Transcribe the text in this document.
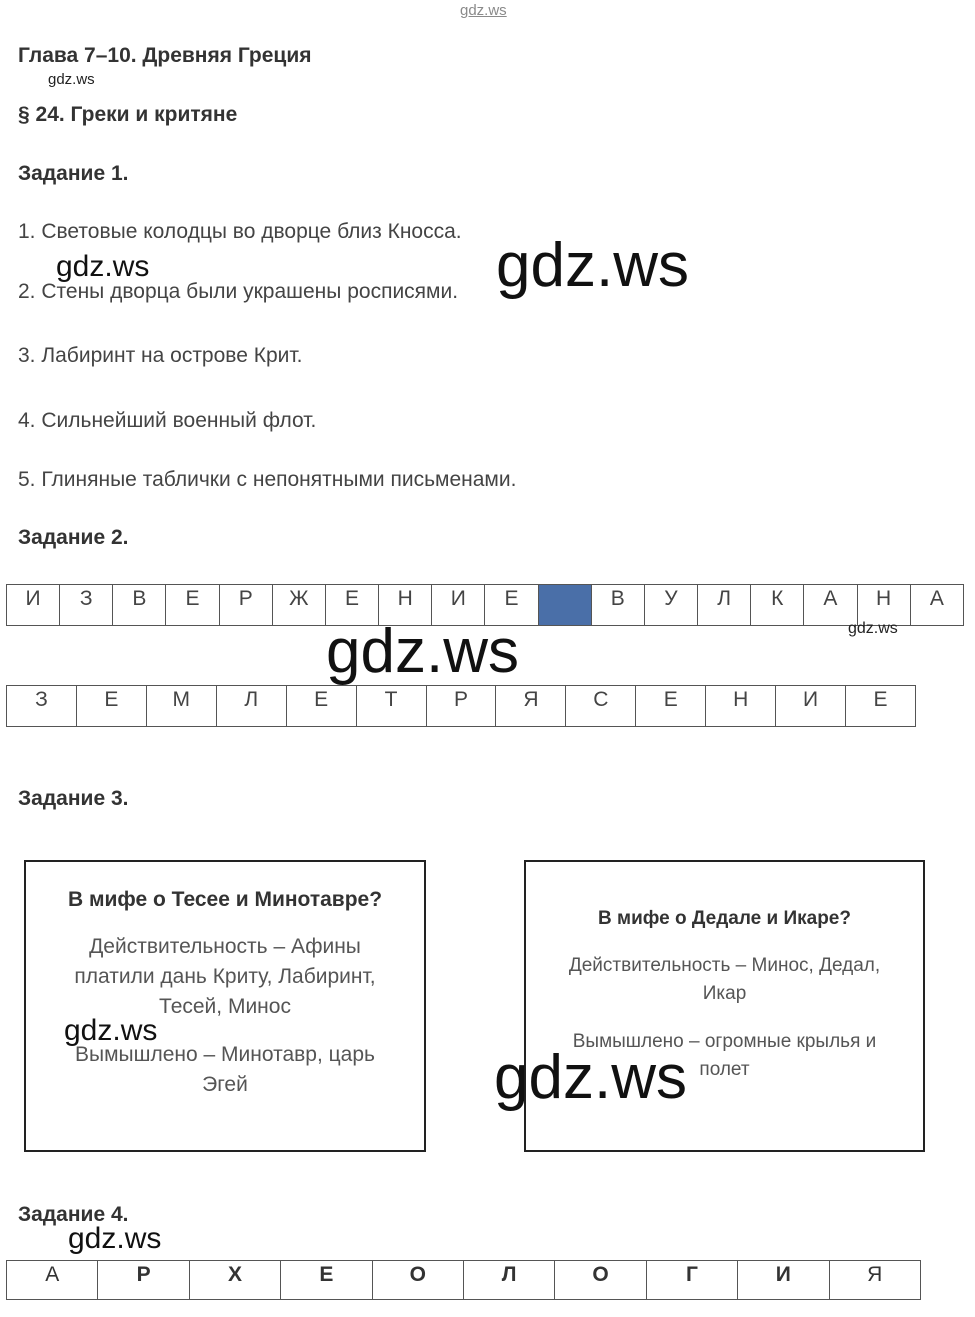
gdz.ws
Глава 7–10. Древняя Греция
gdz.ws
§ 24. Греки и критяне
Задание 1.
1. Световые колодцы во дворце близ Кносса.
2. Стены дворца были украшены росписями.
3. Лабиринт на острове Крит.
4. Сильнейший военный флот.
5. Глиняные таблички с непонятными письменами.
gdz.ws	gdz.ws
Задание 2.
И	З	В	Е	Р	Ж	Е	Н	И	Е		В	У	Л	К	А	Н	А
gdz.ws
gdz.ws
З	Е	М	Л	Е	Т	Р	Я	С	Е	Н	И	Е
Задание 3.

В мифе о Тесее и Минотавре?

Действительность – Афины платили дань Криту, Лабиринт, Тесей, Минос

Вымышлено – Минотавр, царь Эгей

gdz.ws

В мифе о Дедале и Икаре?

Действительность – Минос, Дедал, Икар

Вымышлено – огромные крылья и полет

gdz.ws
Задание 4.
gdz.ws
А	Р	Х	Е	О	Л	О	Г	И	Я
